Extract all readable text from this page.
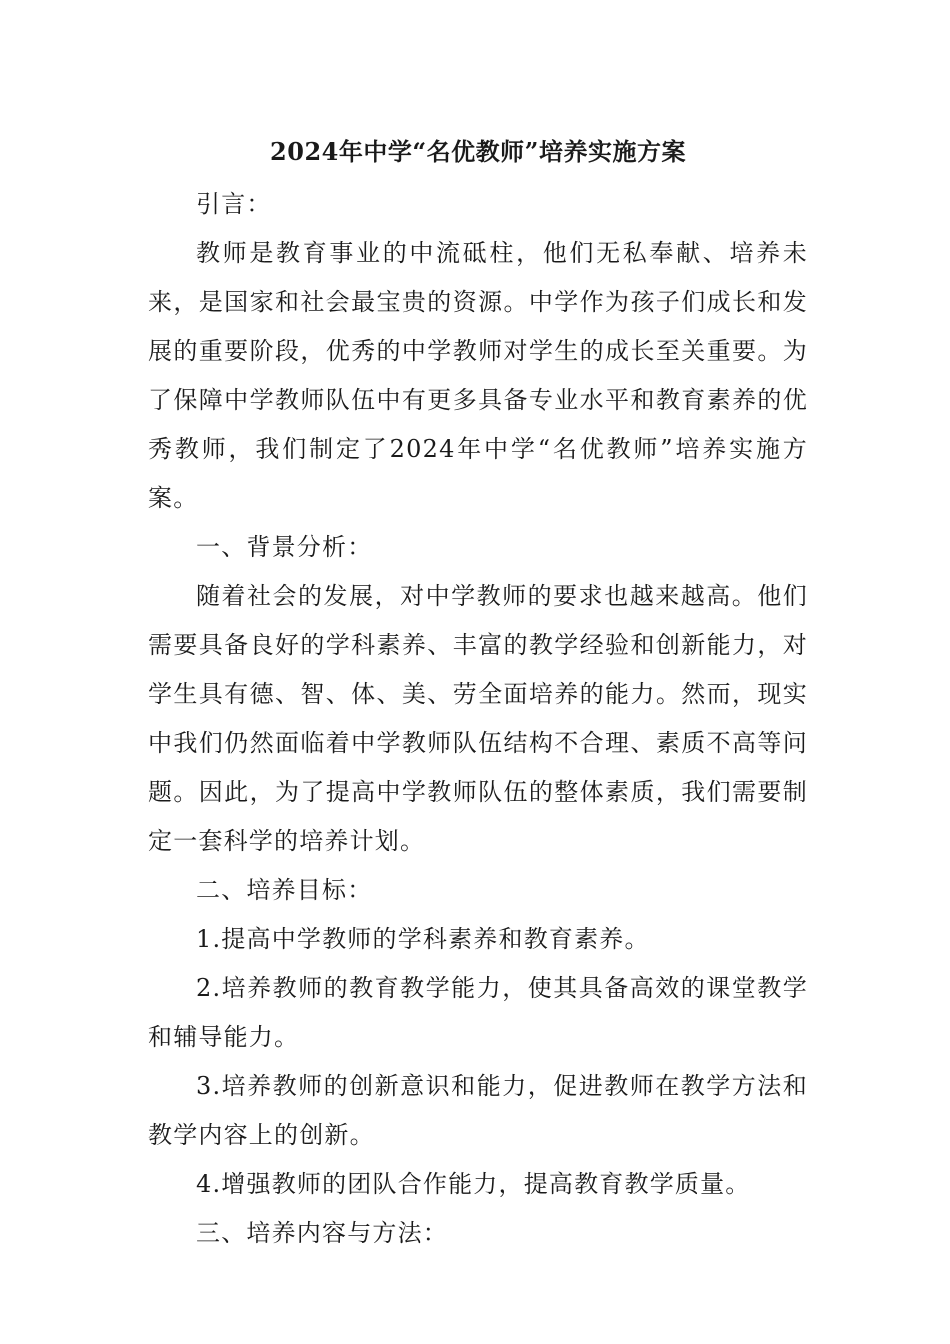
2024年中学“名优教师”培养实施方案

引言：

教师是教育事业的中流砥柱，他们无私奉献、培养未来，是国家和社会最宝贵的资源。中学作为孩子们成长和发展的重要阶段，优秀的中学教师对学生的成长至关重要。为了保障中学教师队伍中有更多具备专业水平和教育素养的优秀教师，我们制定了2024年中学“名优教师”培养实施方案。

一、背景分析：

随着社会的发展，对中学教师的要求也越来越高。他们需要具备良好的学科素养、丰富的教学经验和创新能力，对学生具有德、智、体、美、劳全面培养的能力。然而，现实中我们仍然面临着中学教师队伍结构不合理、素质不高等问题。因此，为了提高中学教师队伍的整体素质，我们需要制定一套科学的培养计划。

二、培养目标：

1.提高中学教师的学科素养和教育素养。

2.培养教师的教育教学能力，使其具备高效的课堂教学和辅导能力。

3.培养教师的创新意识和能力，促进教师在教学方法和教学内容上的创新。

4.增强教师的团队合作能力，提高教育教学质量。

三、培养内容与方法：
